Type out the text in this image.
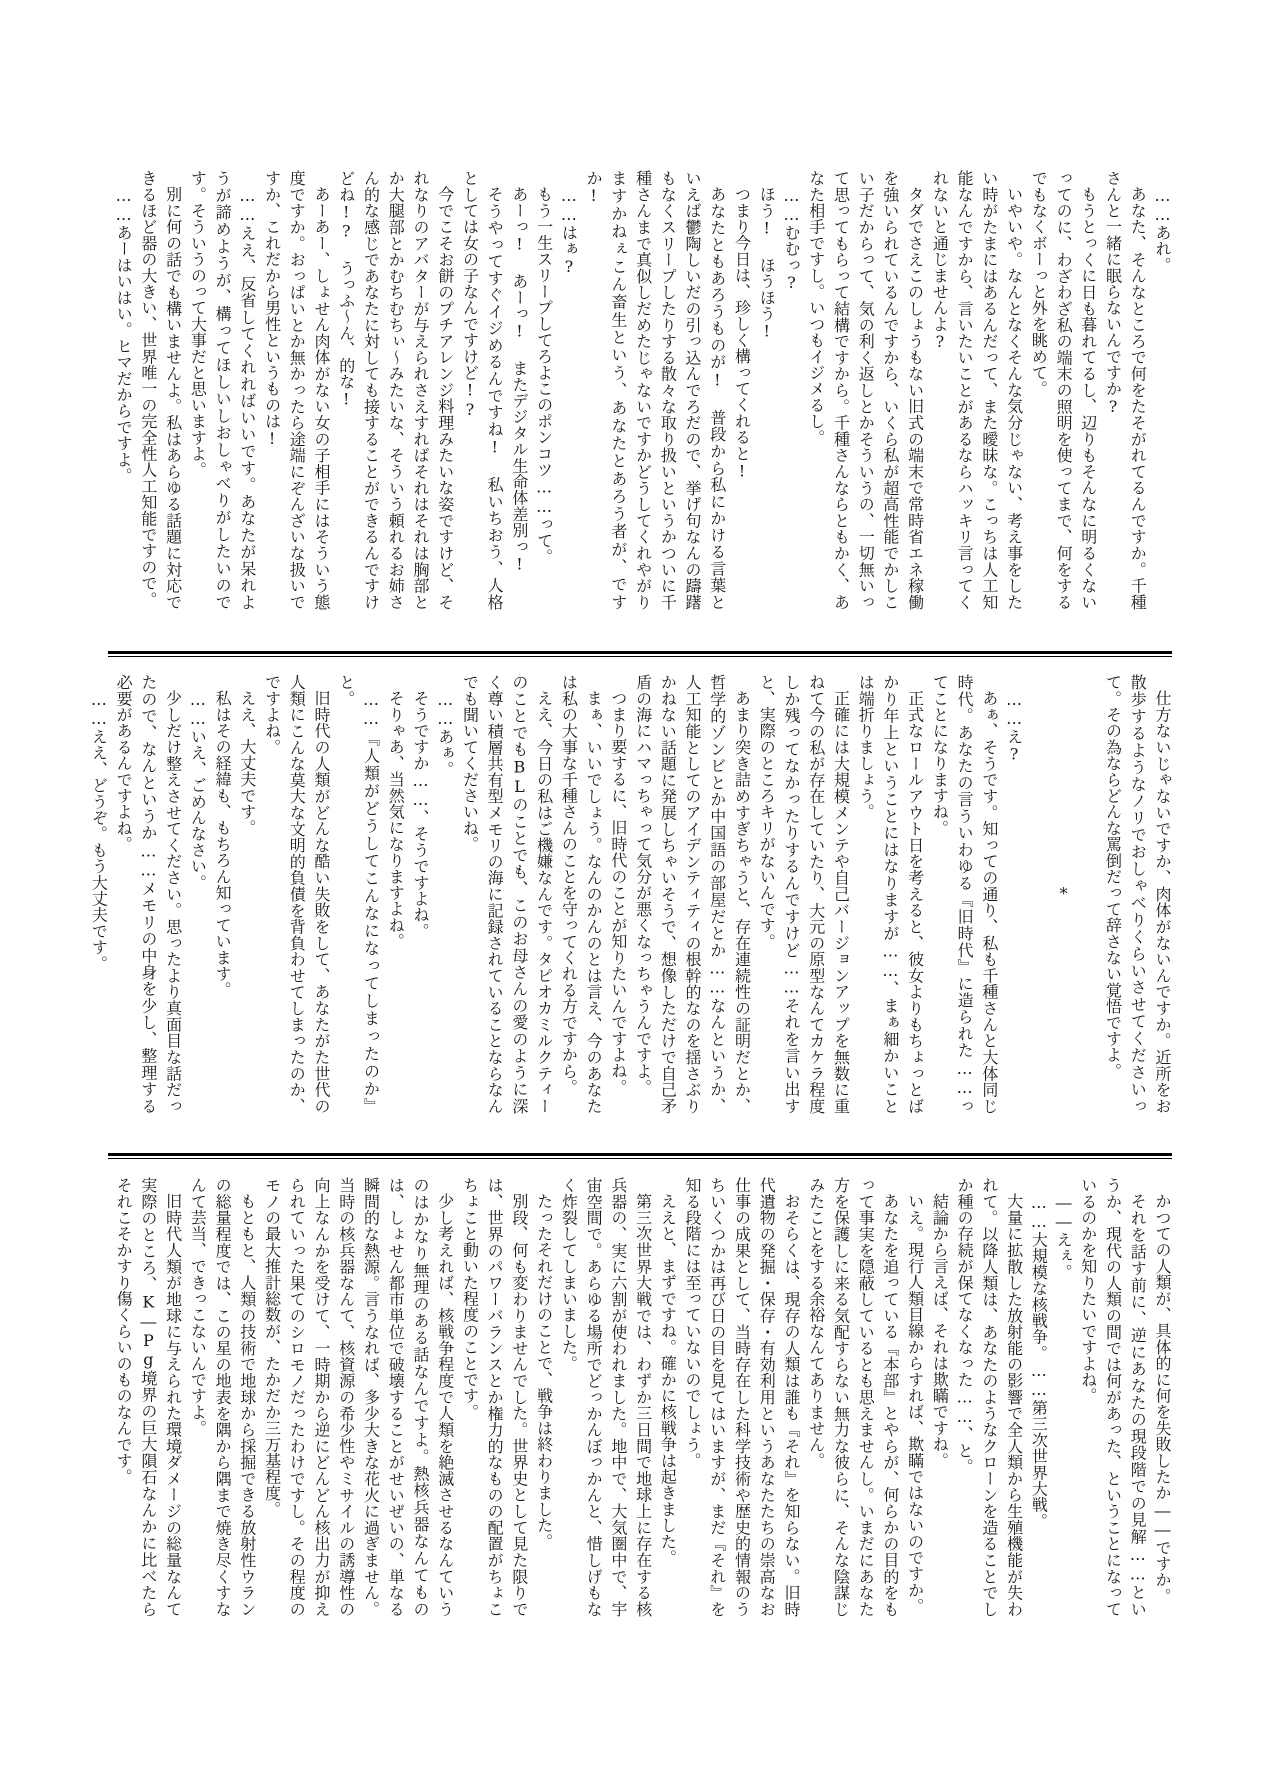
……あれ。

あなた、そんなところで何をたそがれてるんですか。千種さんと一緒に眠らないんですか?

もうとっくに日も暮れてるし、辺りもそんなに明るくないってのに、わざわざ私の端末の照明を使ってまで、何をするでもなくボーっと外を眺めて。

いやいや。なんとなくそんな気分じゃない、考え事をしたい時がたまにはあるんだって、また曖昧な。こっちは人工知能なんですから、言いたいことがあるならハッキリ言ってくれないと通じませんよ?

タダでさえこのしょうもない旧式の端末で常時省エネ稼働を強いられているんですから、いくら私が超高性能でかしこい子だからって、気の利く返しとかそういうの、一切無いって思ってもらって結構ですから。千種さんならともかく、あなた相手ですし。いつもイジメるし。

……むむっ?

ほう! ほうほう!

つまり今日は、珍しく構ってくれると!

あなたともあろうものが! 普段から私にかける言葉といえば鬱陶しいだの引っ込んでろだので、挙げ句なんの躊躇もなくスリープしたりする散々な取り扱いというかついに千種さんまで真似しだめたじゃないですかどうしてくれやがりますかねぇこん畜生という、あなたとあろう者が、ですか!

……はぁ?

もう一生スリープしてろよこのポンコツ……って。

あーっ! あーっ! またデジタル生命体差別っ!

そうやってすぐイジめるんですね! 私いちおう、人格としては女の子なんですけど!?

今でこそお餅のプチアレンジ料理みたいな姿ですけど、それなりのアバターが与えられさえすればそれはそれは胸部とか大腿部とかむちむちぃ〜みたいな、そういう頼れるお姉さん的な感じであなたに対しても接することができるんですけどね!? うっふ〜ん、的な!

あーあー、しょせん肉体がない女の子相手にはそういう態度ですか。おっぱいとか無かったら途端にぞんざいな扱いですか、これだから男性というものは!

……ええ、反省してくれればいいです。あなたが呆れようが諦めようが、構ってほしいしおしゃべりがしたいのです。そういうのって大事だと思いますよ。

別に何の話でも構いませんよ。私はあらゆる話題に対応できるほど器の大きい、世界唯一の完全性人工知能ですので。

……あーはいはい。ヒマだからですよ。

仕方ないじゃないですか、肉体がないんですか。近所をお散歩するようなノリでおしゃべりくらいさせてくださいって。その為ならどんな罵倒だって辞さない覚悟ですよ。

*

……え?

あぁ、そうです。知っての通り、私も千種さんと大体同じ時代。あなたの言ういわゆる『旧時代』に造られた……ってことになりますね。

正式なロールアウト日を考えると、彼女よりもちょっとばかり年上ということにはなりますが……、まぁ細かいことは端折りましょう。

正確には大規模メンテや自己バージョンアップを無数に重ねて今の私が存在していたり、大元の原型なんてカケラ程度しか残ってなかったりするんですけど……それを言い出すと、実際のところキリがないんです。

あまり突き詰めすぎちゃうと、存在連続性の証明だとか、哲学的ゾンビとか中国語の部屋だとか……なんというか、人工知能としてのアイデンティティの根幹的なのを揺さぶりかねない話題に発展しちゃいそうで、想像しただけで自己矛盾の海にハマっちゃって気分が悪くなっちゃうんですよ。

つまり要するに、旧時代のことが知りたいんですよね。

まぁ、いいでしょう。なんのかんのとは言え、今のあなたは私の大事な千種さんのことを守ってくれる方ですから。

ええ、今日の私はご機嫌なんです。タピオカミルクティーのことでもBLのことでも、このお母さんの愛のように深く尊い積層共有型メモリの海に記録されていることならなんでも聞いてくださいね。

……あぁ。

そうですか……、そうですよね。

そりゃあ、当然気になりますよね。

……『人類がどうしてこんなになってしまったのか』と。

旧時代の人類がどんな酷い失敗をして、あなたがた世代の人類にこんな莫大な文明的負債を背負わせてしまったのか、ですよね。

ええ、大丈夫です。

私はその経緯も、もちろん知っています。

……いえ、ごめんなさい。

少しだけ整えさせてください。思ったより真面目な話だったので、なんというか……メモリの中身を少し、整理する必要があるんですよね。

……ええ、どうぞ。もう大丈夫です。

かつての人類が、具体的に何を失敗したか――ですか。

それを話す前に、逆にあなたの現段階での見解……というか、現代の人類の間では何があった、ということになっているのかを知りたいですよね。

――えぇ。

……大規模な核戦争。……第三次世界大戦。

大量に拡散した放射能の影響で全人類から生殖機能が失われて。以降人類は、あなたのようなクローンを造ることでしか種の存続が保てなくなった……、と。

結論から言えば、それは欺瞞ですね。

いえ。現行人類目線からすれば、欺瞞ではないのですか。

あなたを追っている『本部』とやらが、何らかの目的をもって事実を隠蔽しているとも思えませんし。いまだにあなた方を保護しに来る気配すらない無力な彼らに、そんな陰謀じみたことをする余裕なんてありません。

おそらくは、現存の人類は誰も『それ』を知らない。旧時代遺物の発掘・保存・有効利用というあなたたちの崇高なお仕事の成果として、当時存在した科学技術や歴史的情報のうちいくつかは再び日の目を見てはいますが、まだ『それ』を知る段階には至っていないのでしょう。

ええと、まずですね。確かに核戦争は起きました。

第三次世界大戦では、わずか三日間で地球上に存在する核兵器の、実に六割が使われました。地中で、大気圏中で、宇宙空間で。あらゆる場所でどっかんぼっかんと、惜しげもなく炸裂してしまいました。

たったそれだけのことで、戦争は終わりました。

別段、何も変わりませんでした。世界史として見た限りでは、世界のパワーバランスとか権力的なものの配置がちょこちょこと動いた程度のことです。

少し考えれば、核戦争程度で人類を絶滅させるなんていうのはかなり無理のある話なんですよ。熱核兵器なんてものは、しょせん都市単位で破壊することがせいぜいの、単なる瞬間的な熱源。言うなれば、多少大きな花火に過ぎません。当時の核兵器なんて、核資源の希少性やミサイルの誘導性の向上なんかを受けて、一時期から逆にどんどん核出力が抑えられていった果てのシロモノだったわけですし。その程度のモノの最大推計総数が、たかだか三万基程度。

もともと、人類の技術で地球から採掘できる放射性ウランの総量程度では、この星の地表を隅から隅まで焼き尽くすなんて芸当、できっこないんですよ。

旧時代人類が地球に与えられた環境ダメージの総量なんて実際のところ、K―Pg境界の巨大隕石なんかに比べたらそれこそかすり傷くらいのものなんです。
